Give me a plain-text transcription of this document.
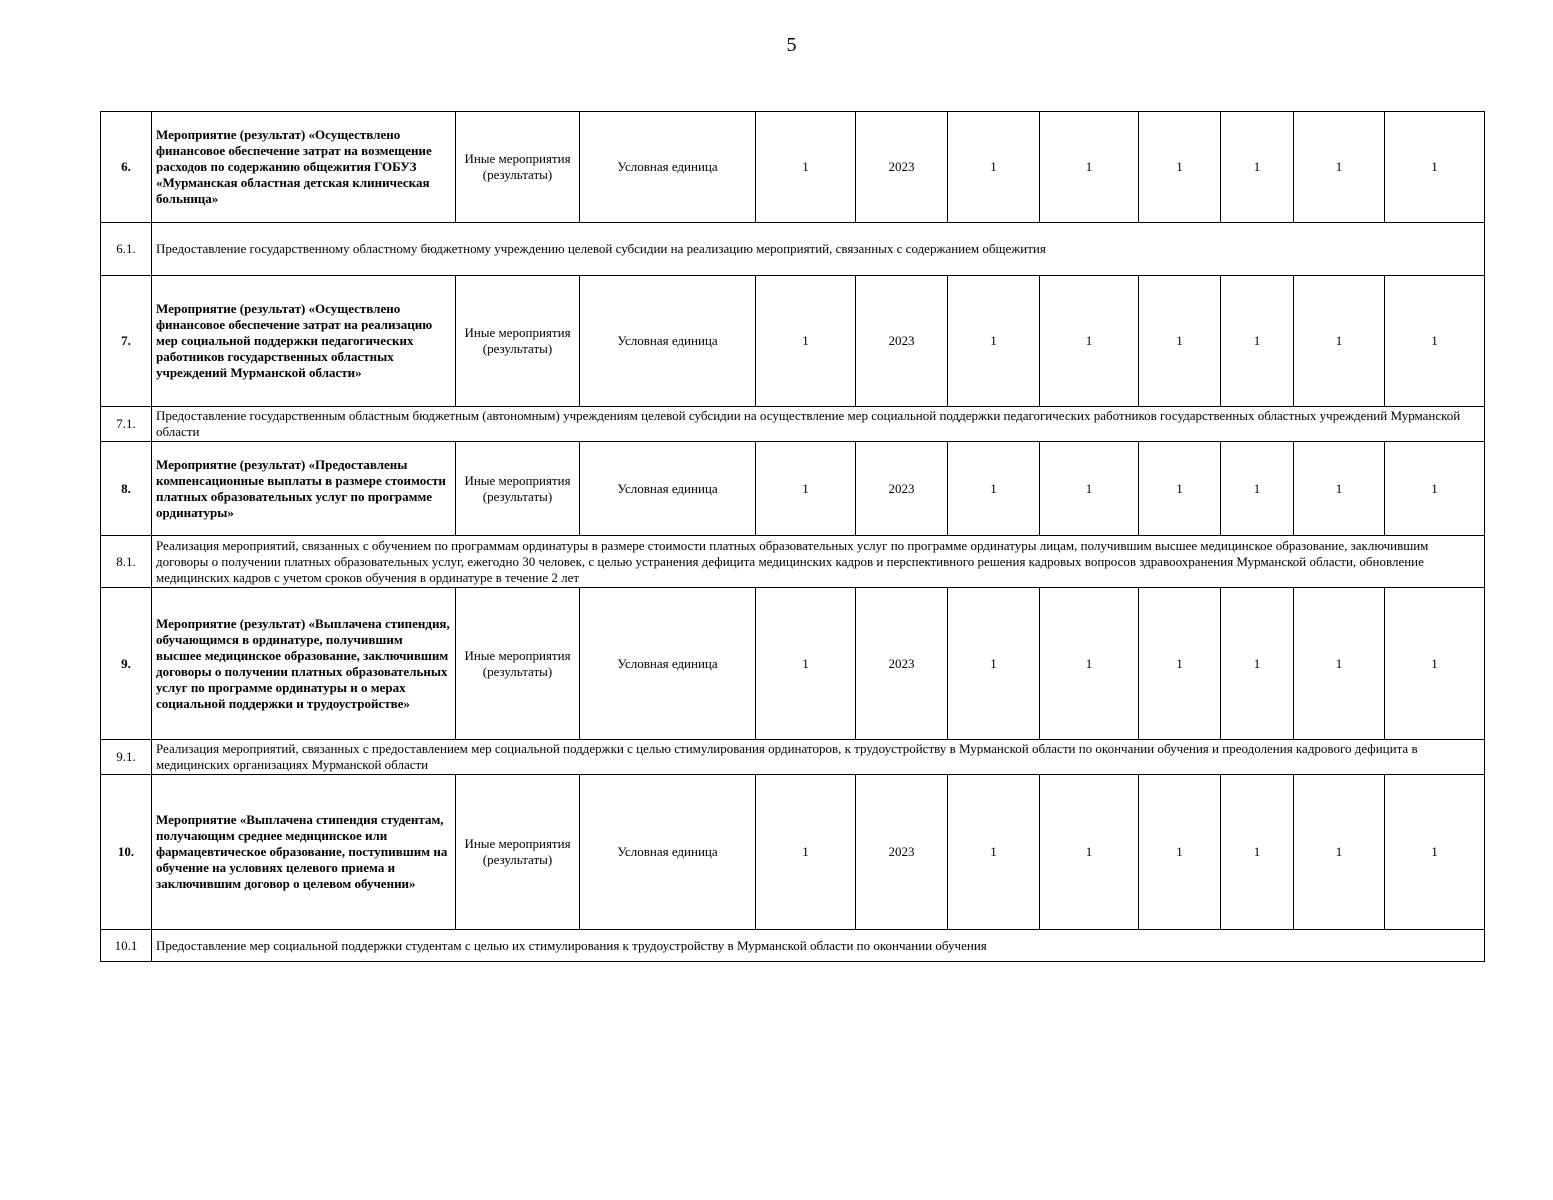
5
6.	Мероприятие (результат) «Осуществлено финансовое обеспечение затрат на возмещение расходов по содержанию общежития ГОБУЗ «Мурманская областная детская клиническая больница»	Иные мероприятия (результаты)	Условная единица	1	2023	1	1	1	1	1	1
6.1.	Предоставление государственному областному бюджетному учреждению целевой субсидии на реализацию мероприятий, связанных с содержанием общежития										
7.	Мероприятие (результат) «Осуществлено финансовое обеспечение затрат на реализацию мер социальной поддержки педагогических работников государственных областных учреждений Мурманской области»	Иные мероприятия (результаты)	Условная единица	1	2023	1	1	1	1	1	1
7.1.	Предоставление государственным областным бюджетным (автономным) учреждениям целевой субсидии на осуществление мер социальной поддержки педагогических работников государственных областных учреждений Мурманской области										
8.	Мероприятие (результат) «Предоставлены компенсационные выплаты в размере стоимости платных образовательных услуг по программе ординатуры»	Иные мероприятия (результаты)	Условная единица	1	2023	1	1	1	1	1	1
8.1.	Реализация мероприятий, связанных с обучением по программам ординатуры в размере стоимости платных образовательных услуг по программе ординатуры лицам, получившим высшее медицинское образование, заключившим договоры о получении платных образовательных услуг, ежегодно 30 человек, с целью устранения дефицита медицинских кадров и перспективного решения кадровых вопросов здравоохранения Мурманской области, обновление медицинских кадров с учетом сроков обучения в ординатуре в течение 2 лет										
9.	Мероприятие (результат) «Выплачена стипендия, обучающимся в ординатуре, получившим высшее медицинское образование, заключившим договоры о получении платных образовательных услуг по программе ординатуры и о мерах социальной поддержки и трудоустройстве»	Иные мероприятия (результаты)	Условная единица	1	2023	1	1	1	1	1	1
9.1.	Реализация мероприятий, связанных с предоставлением мер социальной поддержки с целью стимулирования ординаторов, к трудоустройству в Мурманской области по окончании обучения и преодоления кадрового дефицита в медицинских организациях Мурманской области										
10.	Мероприятие «Выплачена стипендия студентам, получающим среднее медицинское или фармацевтическое образование, поступившим на обучение на условиях целевого приема и заключившим договор о целевом обучении»	Иные мероприятия (результаты)	Условная единица	1	2023	1	1	1	1	1	1
10.1	Предоставление мер социальной поддержки студентам с целью их стимулирования к трудоустройству в Мурманской области по окончании обучения										
